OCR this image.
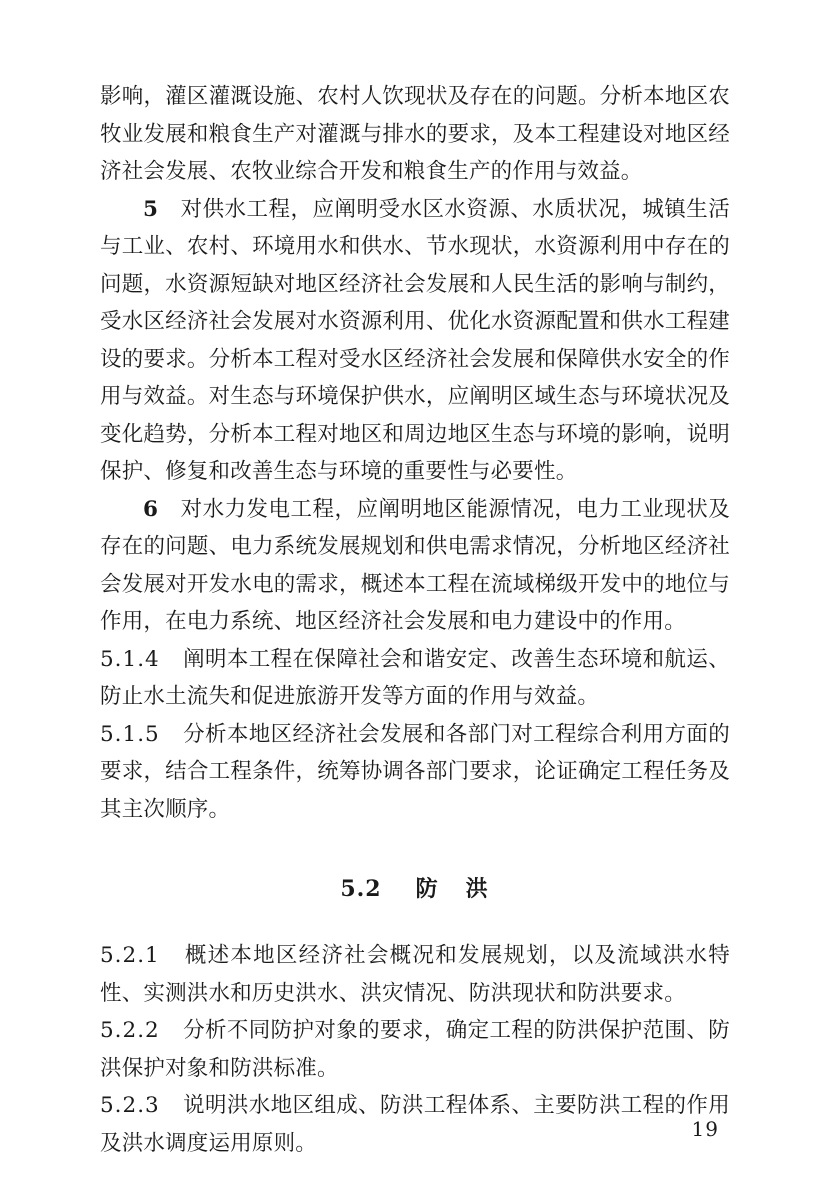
影响，灌区灌溉设施、农村人饮现状及存在的问题。分析本地区农牧业发展和粮食生产对灌溉与排水的要求，及本工程建设对地区经济社会发展、农牧业综合开发和粮食生产的作用与效益。

5 对供水工程，应阐明受水区水资源、水质状况，城镇生活与工业、农村、环境用水和供水、节水现状，水资源利用中存在的问题，水资源短缺对地区经济社会发展和人民生活的影响与制约，受水区经济社会发展对水资源利用、优化水资源配置和供水工程建设的要求。分析本工程对受水区经济社会发展和保障供水安全的作用与效益。对生态与环境保护供水，应阐明区域生态与环境状况及变化趋势，分析本工程对地区和周边地区生态与环境的影响，说明保护、修复和改善生态与环境的重要性与必要性。

6 对水力发电工程，应阐明地区能源情况，电力工业现状及存在的问题、电力系统发展规划和供电需求情况，分析地区经济社会发展对开发水电的需求，概述本工程在流域梯级开发中的地位与作用，在电力系统、地区经济社会发展和电力建设中的作用。

5.1.4 阐明本工程在保障社会和谐安定、改善生态环境和航运、防止水土流失和促进旅游开发等方面的作用与效益。

5.1.5 分析本地区经济社会发展和各部门对工程综合利用方面的要求，结合工程条件，统筹协调各部门要求，论证确定工程任务及其主次顺序。

5.2 防 洪

5.2.1 概述本地区经济社会概况和发展规划，以及流域洪水特性、实测洪水和历史洪水、洪灾情况、防洪现状和防洪要求。

5.2.2 分析不同防护对象的要求，确定工程的防洪保护范围、防洪保护对象和防洪标准。

5.2.3 说明洪水地区组成、防洪工程体系、主要防洪工程的作用及洪水调度运用原则。

19
